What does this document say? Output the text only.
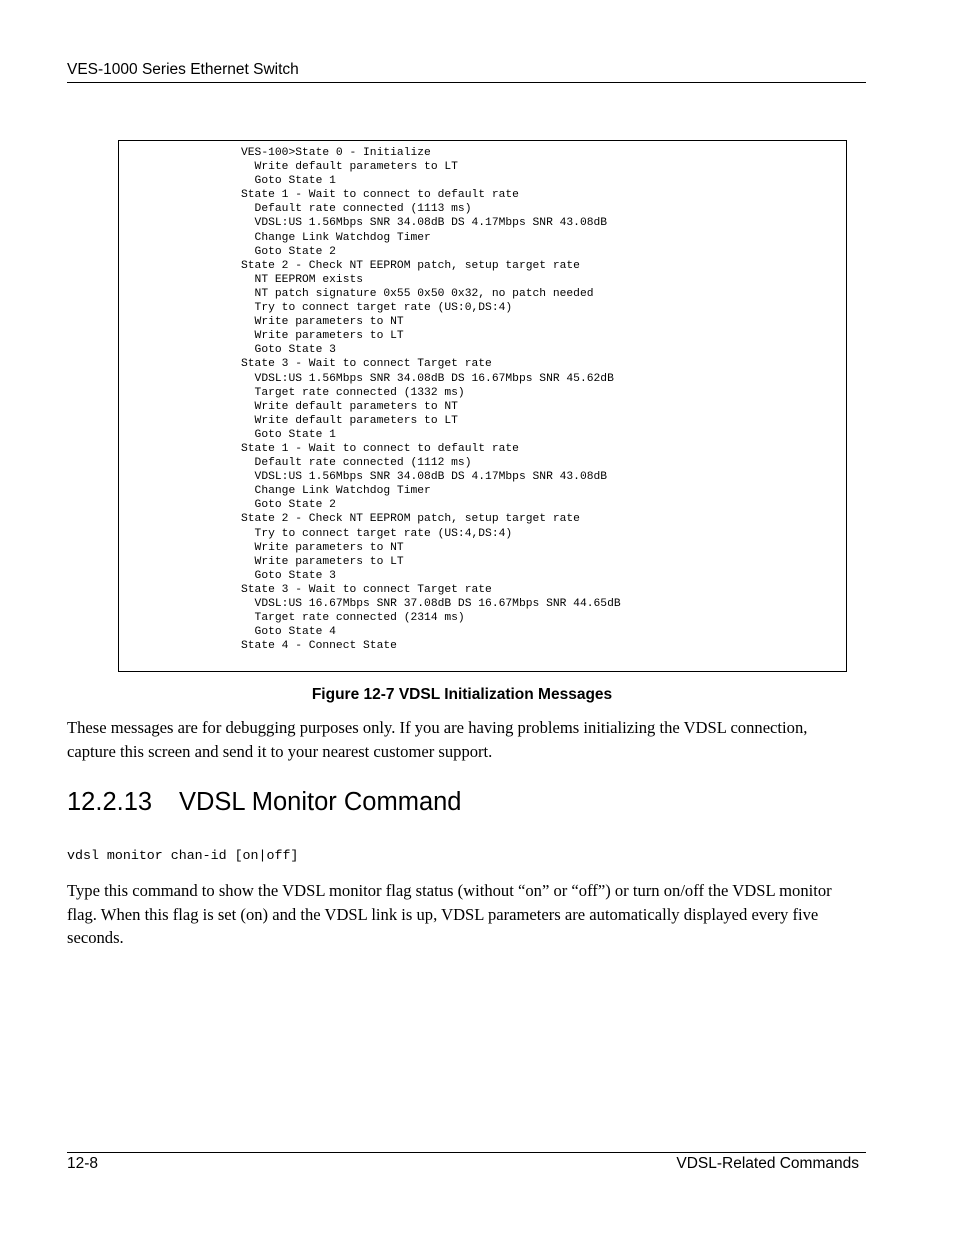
VES-1000 Series Ethernet Switch
VES-100>State 0 - Initialize
Write default parameters to LT
Goto State 1
State 1 - Wait to connect to default rate
Default rate connected (1113 ms)
VDSL:US 1.56Mbps SNR 34.08dB DS 4.17Mbps SNR 43.08dB
Change Link Watchdog Timer
Goto State 2
State 2 - Check NT EEPROM patch, setup target rate
NT EEPROM exists
NT patch signature 0x55 0x50 0x32, no patch needed
Try to connect target rate (US:0,DS:4)
Write parameters to NT
Write parameters to LT
Goto State 3
State 3 - Wait to connect Target rate
VDSL:US 1.56Mbps SNR 34.08dB DS 16.67Mbps SNR 45.62dB
Target rate connected (1332 ms)
Write default parameters to NT
Write default parameters to LT
Goto State 1
State 1 - Wait to connect to default rate
Default rate connected (1112 ms)
VDSL:US 1.56Mbps SNR 34.08dB DS 4.17Mbps SNR 43.08dB
Change Link Watchdog Timer
Goto State 2
State 2 - Check NT EEPROM patch, setup target rate
Try to connect target rate (US:4,DS:4)
Write parameters to NT
Write parameters to LT
Goto State 3
State 3 - Wait to connect Target rate
VDSL:US 16.67Mbps SNR 37.08dB DS 16.67Mbps SNR 44.65dB
Target rate connected (2314 ms)
Goto State 4
State 4 - Connect State
Figure 12-7 VDSL Initialization Messages

These messages are for debugging purposes only. If you are having problems initializing the VDSL connection, capture this screen and send it to your nearest customer support.

12.2.13 VDSL Monitor Command
vdsl monitor chan-id [on|off]

Type this command to show the VDSL monitor flag status (without “on” or “off”) or turn on/off the VDSL monitor flag. When this flag is set (on) and the VDSL link is up, VDSL parameters are automatically displayed every five seconds.

12-8	VDSL-Related Commands
